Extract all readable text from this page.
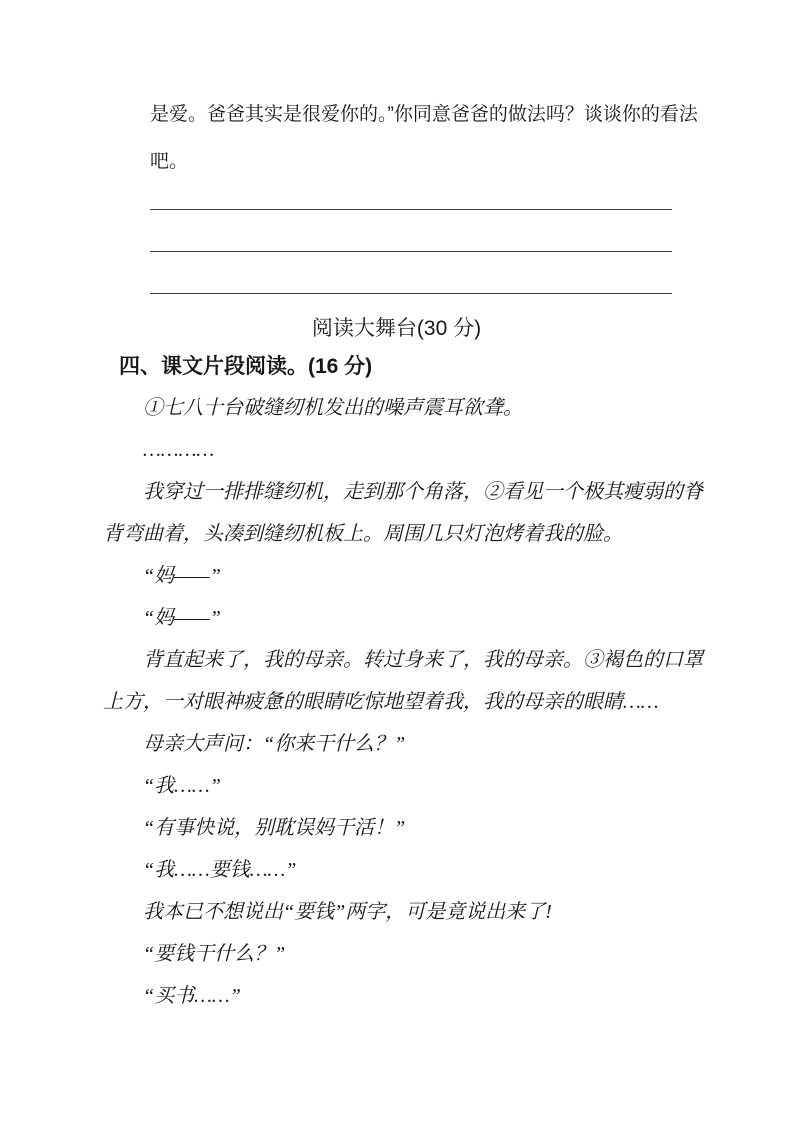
是爱。爸爸其实是很爱你的。”你同意爸爸的做法吗？谈谈你的看法吧。

阅读大舞台(30 分)
四、课文片段阅读。(16 分)

①七八十台破缝纫机发出的噪声震耳欲聋。

…………

我穿过一排排缝纫机，走到那个角落，②看见一个极其瘦弱的脊背弯曲着，头凑到缝纫机板上。周围几只灯泡烤着我的脸。

“妈——”

“妈——”

背直起来了，我的母亲。转过身来了，我的母亲。③褐色的口罩上方，一对眼神疲惫的眼睛吃惊地望着我，我的母亲的眼睛……

母亲大声问：“你来干什么？”

“我……”

“有事快说，别耽误妈干活！”

“我……要钱……”

我本已不想说出“要钱”两字，可是竟说出来了!

“要钱干什么？”

“买书……”
